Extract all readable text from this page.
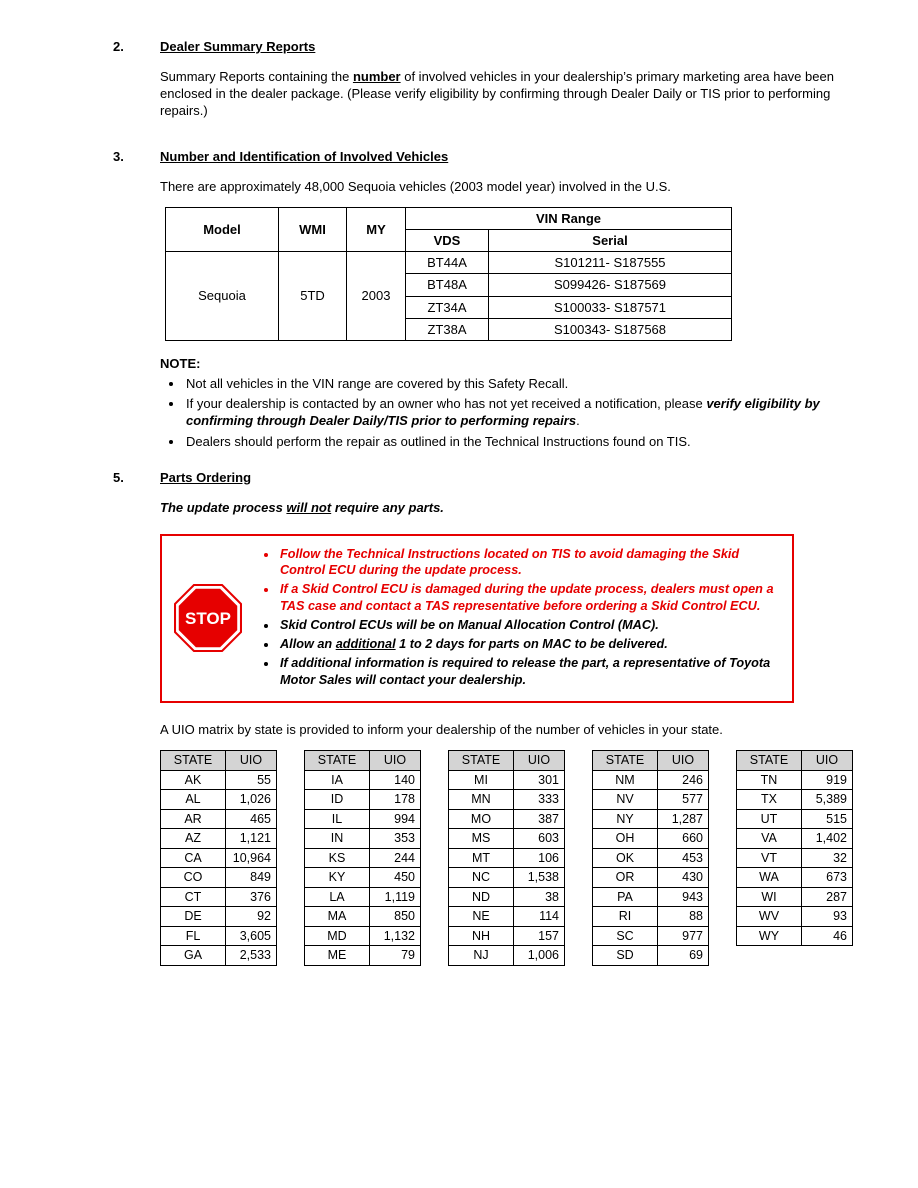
2.	Dealer Summary Reports

Summary Reports containing the number of involved vehicles in your dealership’s primary marketing area have been enclosed in the dealer package. (Please verify eligibility by confirming through Dealer Daily or TIS prior to performing repairs.)

3.	Number and Identification of Involved Vehicles

There are approximately 48,000 Sequoia vehicles (2003 model year) involved in the U.S.

Model	WMI	MY	VIN Range	
			VDS	Serial
Sequoia	5TD	2003	BT44A	S101211- S187555
			BT48A	S099426- S187569
			ZT34A	S100033- S187571
			ZT38A	S100343- S187568
NOTE:
• Not all vehicles in the VIN range are covered by this Safety Recall.
• If your dealership is contacted by an owner who has not yet received a notification, please verify eligibility by confirming through Dealer Daily/TIS prior to performing repairs.
• Dealers should perform the repair as outlined in the Technical Instructions found on TIS.
5.	Parts Ordering

The update process will not require any parts.

STOP
• Follow the Technical Instructions located on TIS to avoid damaging the Skid Control ECU during the update process.
• If a Skid Control ECU is damaged during the update process, dealers must open a TAS case and contact a TAS representative before ordering a Skid Control ECU.
• Skid Control ECUs will be on Manual Allocation Control (MAC).
• Allow an additional 1 to 2 days for parts on MAC to be delivered.
• If additional information is required to release the part, a representative of Toyota Motor Sales will contact your dealership.

A UIO matrix by state is provided to inform your dealership of the number of vehicles in your state.

STATE	UIO
AK	55
AL	1,026
AR	465
AZ	1,121
CA	10,964
CO	849
CT	376
DE	92
FL	3,605
GA	2,533
STATE	UIO
IA	140
ID	178
IL	994
IN	353
KS	244
KY	450
LA	1,119
MA	850
MD	1,132
ME	79
STATE	UIO
MI	301
MN	333
MO	387
MS	603
MT	106
NC	1,538
ND	38
NE	114
NH	157
NJ	1,006
STATE	UIO
NM	246
NV	577
NY	1,287
OH	660
OK	453
OR	430
PA	943
RI	88
SC	977
SD	69
STATE	UIO
TN	919
TX	5,389
UT	515
VA	1,402
VT	32
WA	673
WI	287
WV	93
WY	46
